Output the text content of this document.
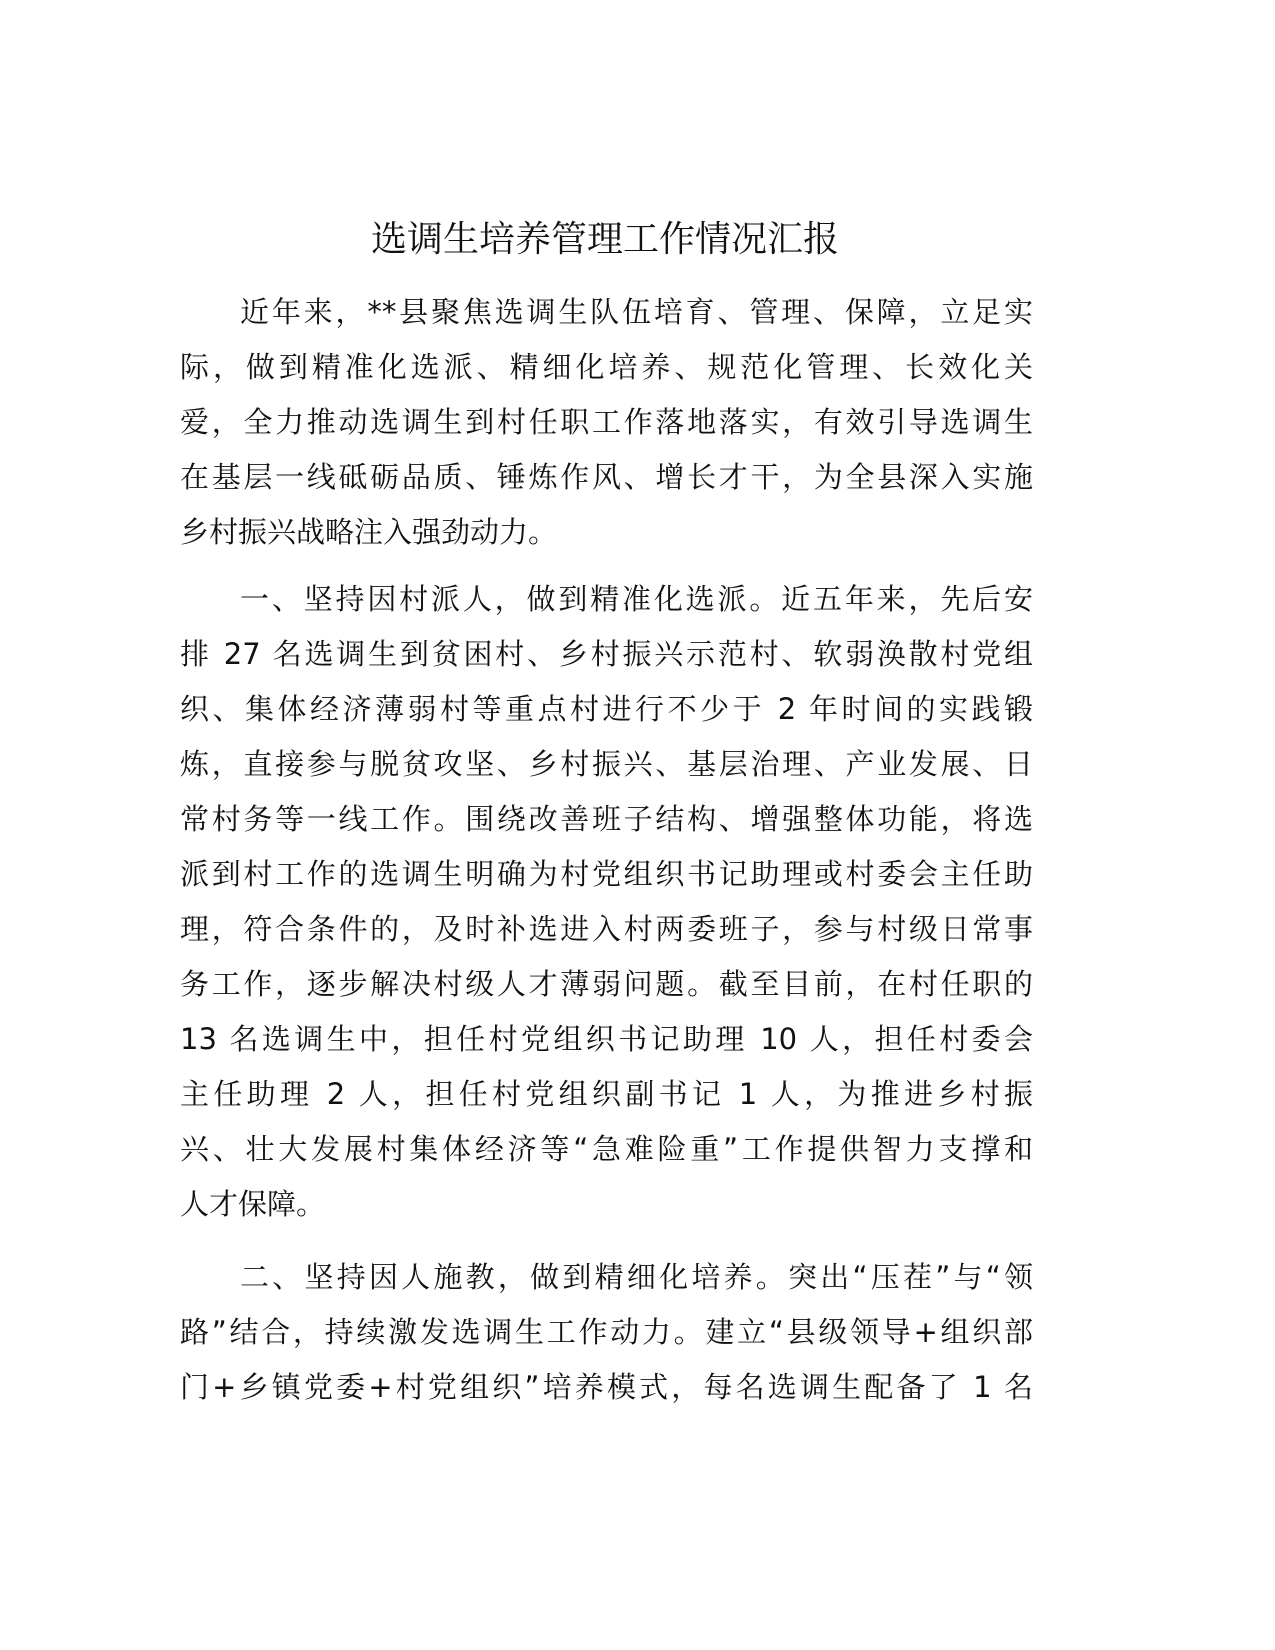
选调生培养管理工作情况汇报
近年来，**县聚焦选调生队伍培育、管理、保障，立足实
际，做到精准化选派、精细化培养、规范化管理、长效化关
爱，全力推动选调生到村任职工作落地落实，有效引导选调生
在基层一线砥砺品质、锤炼作风、增长才干，为全县深入实施
乡村振兴战略注入强劲动力。
一、坚持因村派人，做到精准化选派。近五年来，先后安
排 27 名选调生到贫困村、乡村振兴示范村、软弱涣散村党组
织、集体经济薄弱村等重点村进行不少于 2 年时间的实践锻
炼，直接参与脱贫攻坚、乡村振兴、基层治理、产业发展、日
常村务等一线工作。围绕改善班子结构、增强整体功能，将选
派到村工作的选调生明确为村党组织书记助理或村委会主任助
理，符合条件的，及时补选进入村两委班子，参与村级日常事
务工作，逐步解决村级人才薄弱问题。截至目前，在村任职的
13 名选调生中，担任村党组织书记助理 10 人，担任村委会
主任助理 2 人，担任村党组织副书记 1 人，为推进乡村振
兴、壮大发展村集体经济等“急难险重”工作提供智力支撑和
人才保障。
二、坚持因人施教，做到精细化培养。突出“压茬”与“领
路”结合，持续激发选调生工作动力。建立“县级领导+组织部
门+乡镇党委+村党组织”培养模式，每名选调生配备了 1 名
